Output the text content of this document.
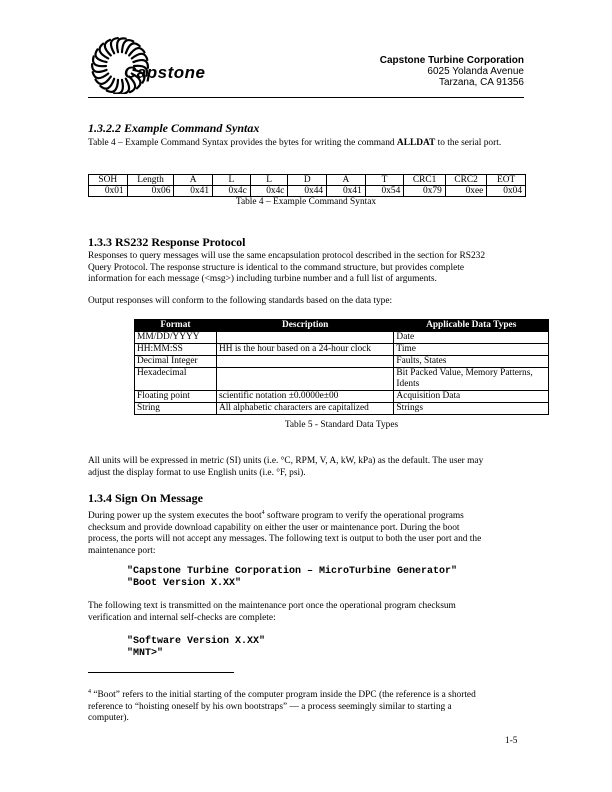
Capstone
Capstone Turbine Corporation
6025 Yolanda Avenue
Tarzana, CA 91356
1.3.2.2 Example Command Syntax
Table 4 – Example Command Syntax provides the bytes for writing the command ALLDAT to the serial port.
SOH	Length	A	L	L	D	A	T	CRC1	CRC2	EOT
0x01	0x06	0x41	0x4c	0x4c	0x44	0x41	0x54	0x79	0xee	0x04
Table 4 – Example Command Syntax
1.3.3 RS232 Response Protocol
Responses to query messages will use the same encapsulation protocol described in the section for RS232
Query Protocol. The response structure is identical to the command structure, but provides complete
information for each message (<msg>) including turbine number and a full list of arguments.
Output responses will conform to the following standards based on the data type:
Format	Description	Applicable Data Types
MM/DD/YYYY		Date
HH:MM:SS	HH is the hour based on a 24-hour clock	Time
Decimal Integer		Faults, States
Hexadecimal		Bit Packed Value, Memory Patterns, Idents
Floating point	scientific notation ±0.0000e±00	Acquisition Data
String	All alphabetic characters are capitalized	Strings
Table 5 - Standard Data Types
All units will be expressed in metric (SI) units (i.e. °C, RPM, V, A, kW, kPa) as the default. The user may
adjust the display format to use English units (i.e. °F, psi).
1.3.4 Sign On Message
During power up the system executes the boot$^4$ software program to verify the operational programs
checksum and provide download capability on either the user or maintenance port. During the boot
process, the ports will not accept any messages. The following text is output to both the user port and the
maintenance port:
"Capstone Turbine Corporation – MicroTurbine Generator"
"Boot Version X.XX"
The following text is transmitted on the maintenance port once the operational program checksum
verification and internal self-checks are complete:
"Software Version X.XX"
"MNT>"
$^4$ “Boot” refers to the initial starting of the computer program inside the DPC (the reference is a shorted
reference to “hoisting oneself by his own bootstraps” — a process seemingly similar to starting a
computer).
1-5
